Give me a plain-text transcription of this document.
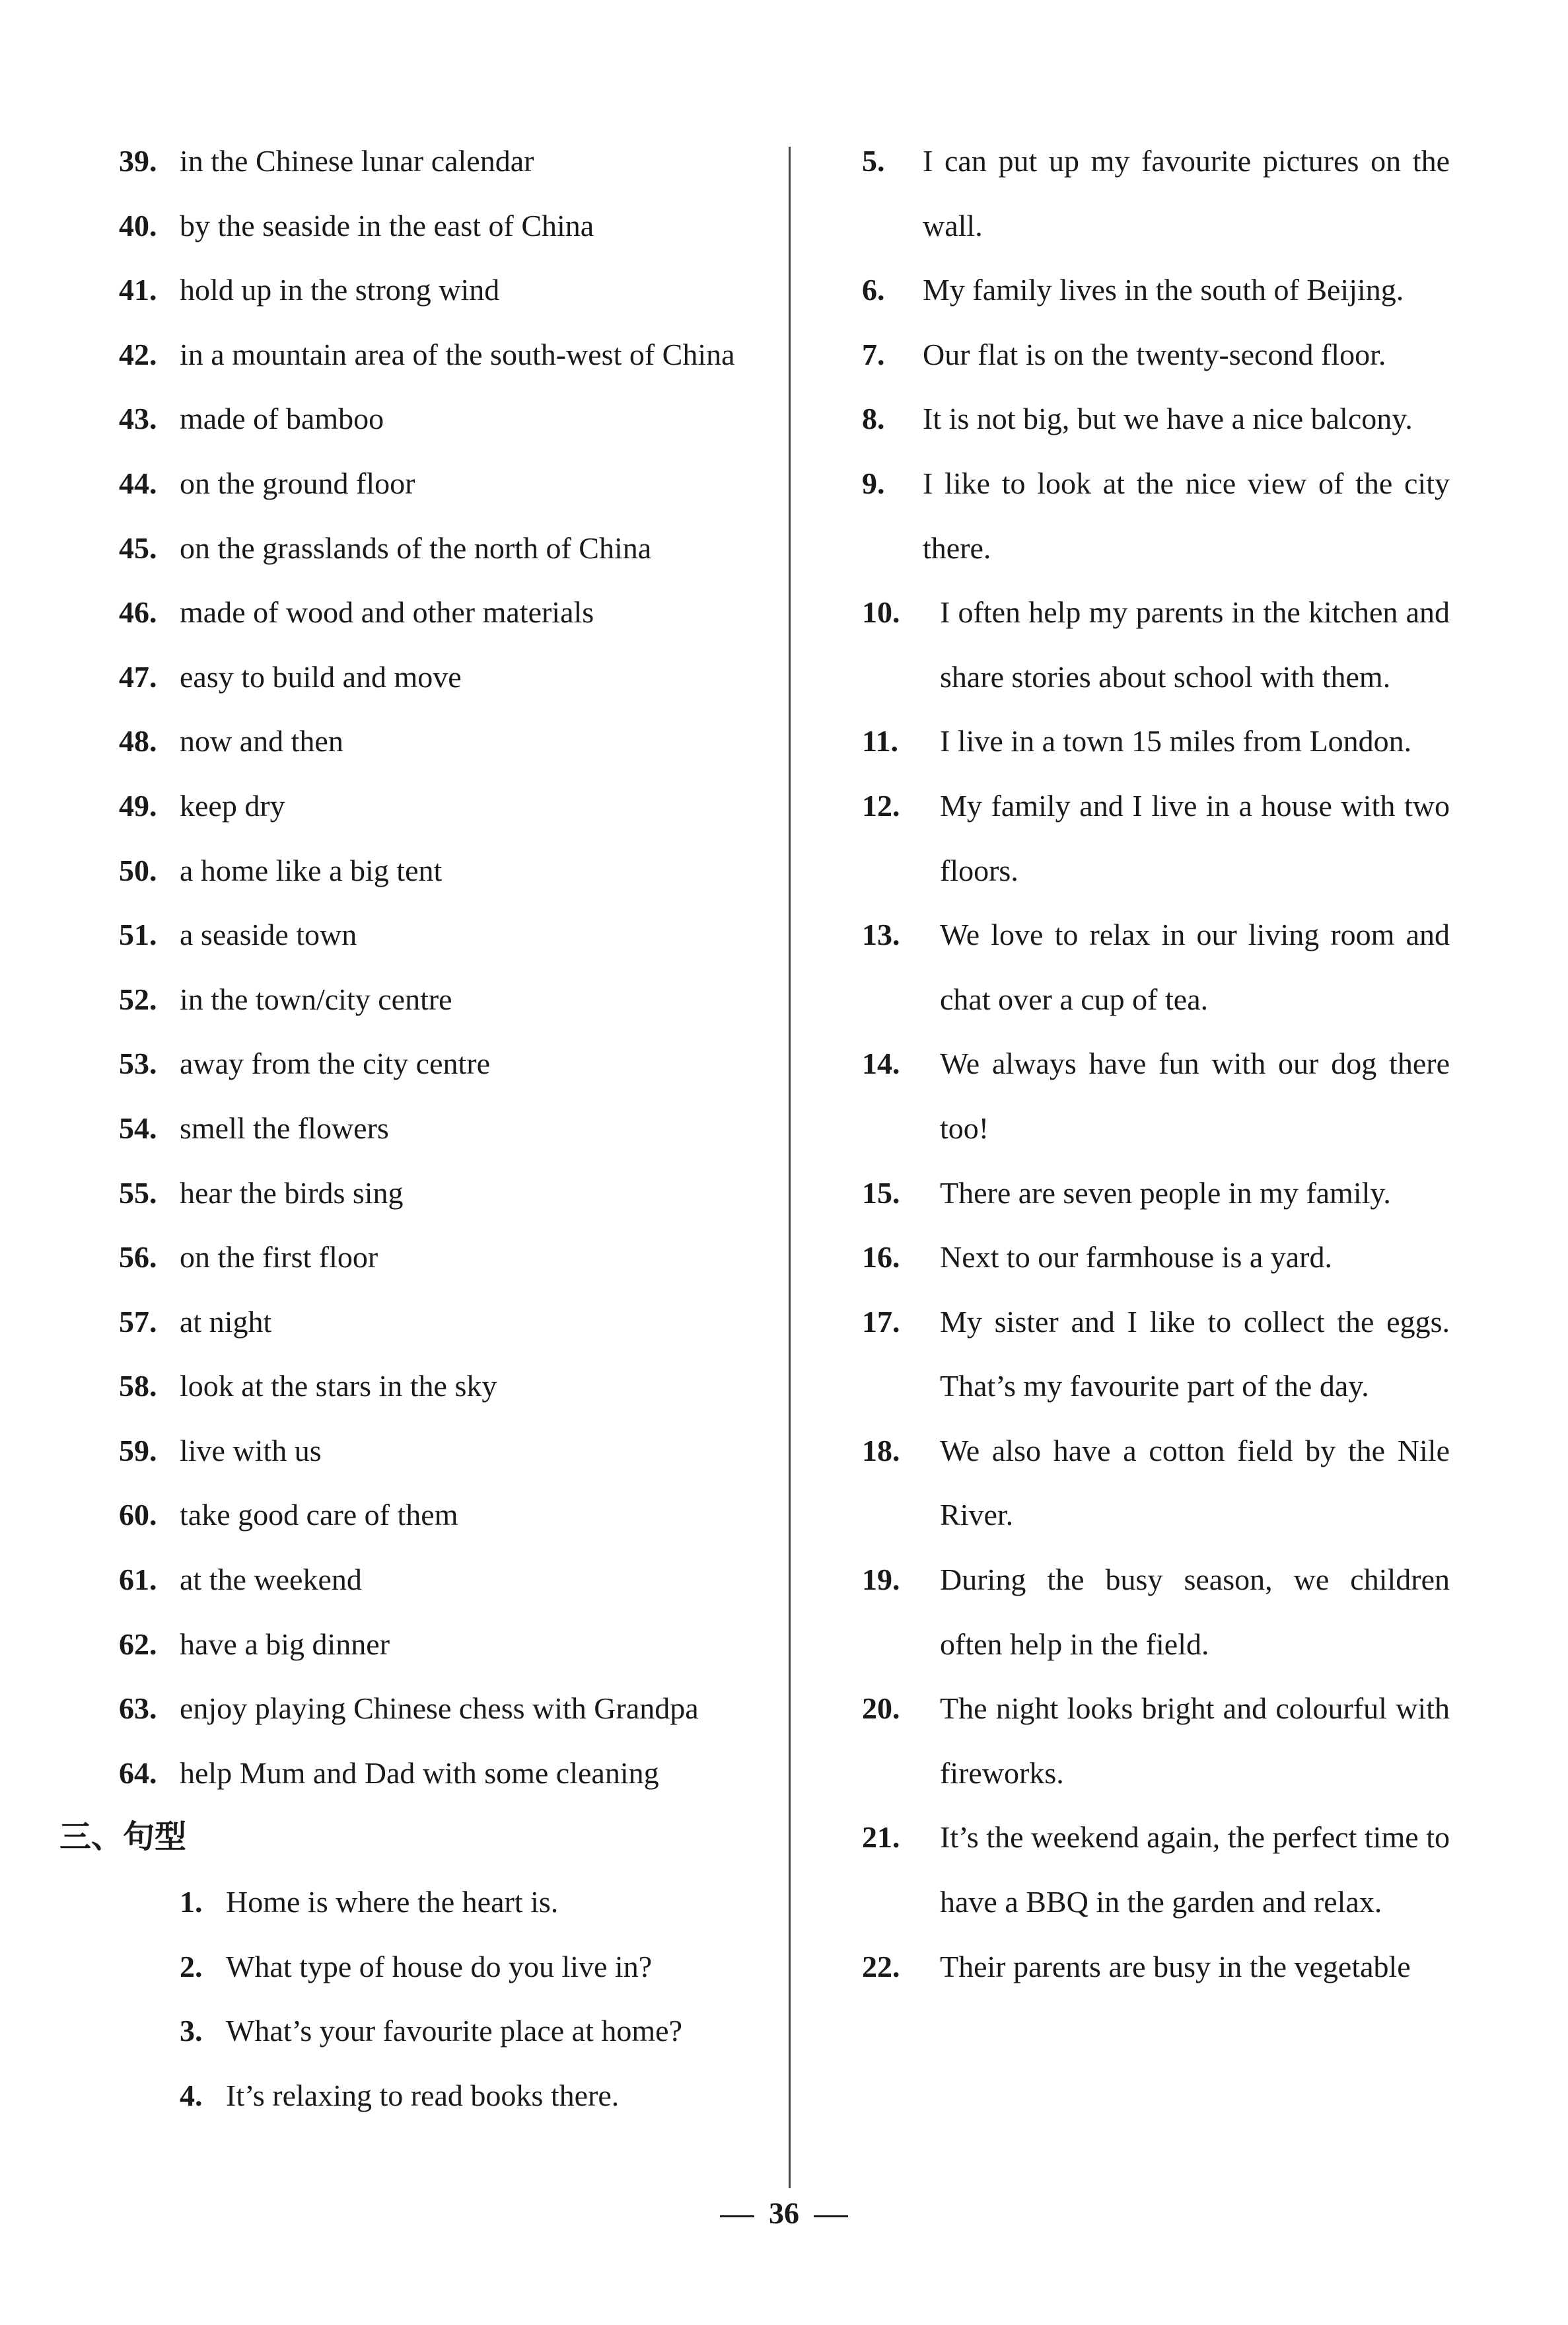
39. in the Chinese lunar calendar
40. by the seaside in the east of China
41. hold up in the strong wind
42. in a mountain area of the south-west of China
43. made of bamboo
44. on the ground floor
45. on the grasslands of the north of China
46. made of wood and other materials
47. easy to build and move
48. now and then
49. keep dry
50. a home like a big tent
51. a seaside town
52. in the town/city centre
53. away from the city centre
54. smell the flowers
55. hear the birds sing
56. on the first floor
57. at night
58. look at the stars in the sky
59. live with us
60. take good care of them
61. at the weekend
62. have a big dinner
63. enjoy playing Chinese chess with Grandpa
64. help Mum and Dad with some cleaning
三、句型
1. Home is where the heart is.
2. What type of house do you live in?
3. What’s your favourite place at home?
4. It’s relaxing to read books there.
5.	I can put up my favourite pictures on the wall.
6.	My family lives in the south of Beijing.
7.	Our flat is on the twenty-second floor.
8.	It is not big, but we have a nice balcony.
9.	I like to look at the nice view of the city there.
10.	I often help my parents in the kitchen and share stories about school with them.
11.	I live in a town 15 miles from London.
12.	My family and I live in a house with two floors.
13.	We love to relax in our living room and chat over a cup of tea.
14.	We always have fun with our dog there too!
15.	There are seven people in my family.
16.	Next to our farmhouse is a yard.
17.	My sister and I like to collect the eggs. That’s my favourite part of the day.
18.	We also have a cotton field by the Nile River.
19.	During the busy season, we children often help in the field.
20.	The night looks bright and colourful with fireworks.
21.	It’s the weekend again, the perfect time to have a BBQ in the garden and relax.
22.	Their parents are busy in the vegetable
36
